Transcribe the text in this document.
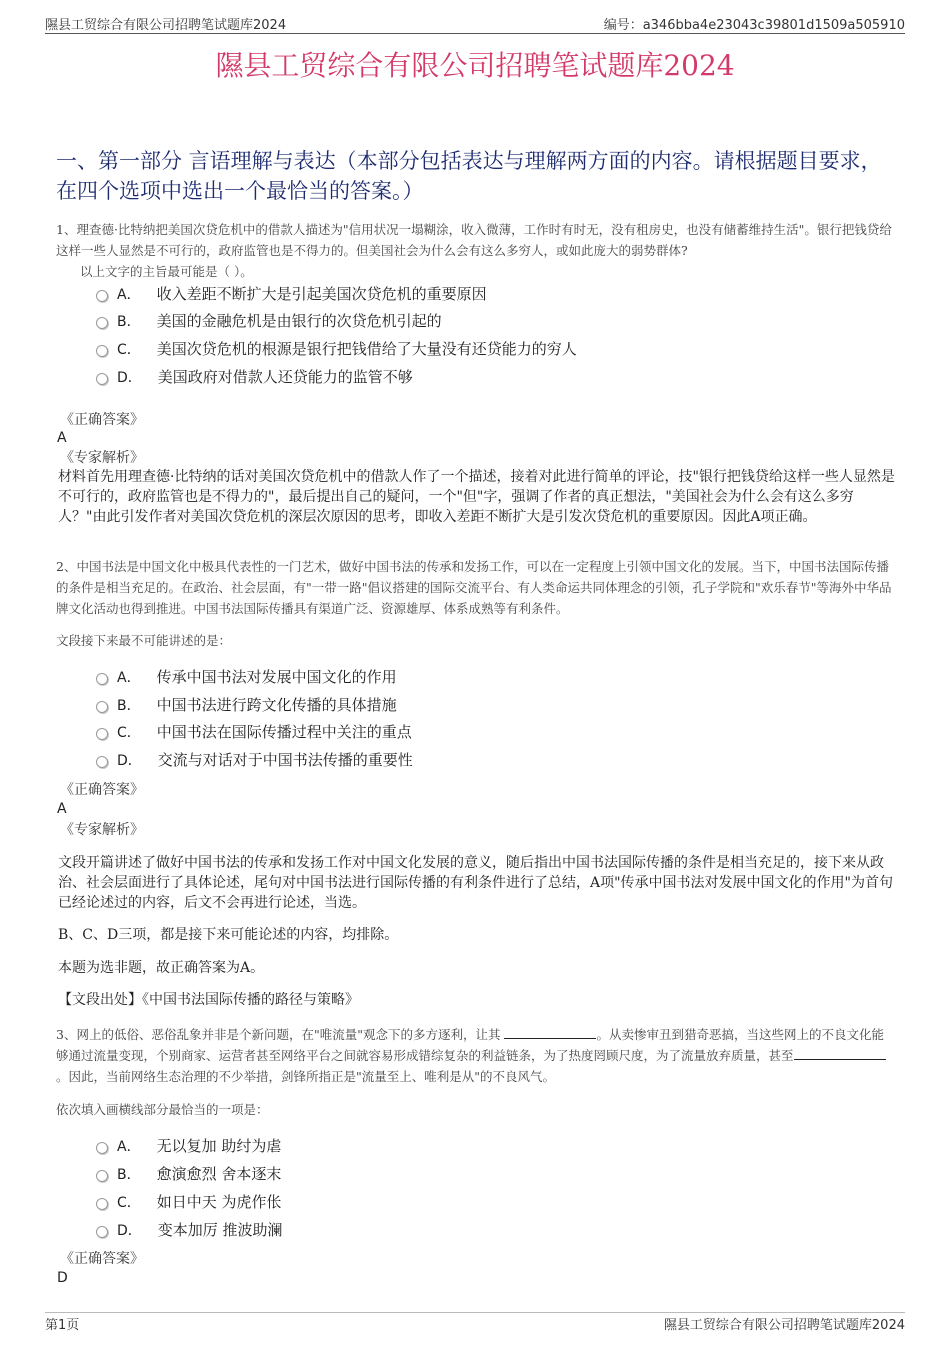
隰县工贸综合有限公司招聘笔试题库2024	编号：a346bba4e23043c39801d1509a505910
隰县工贸综合有限公司招聘笔试题库2024
一、第一部分 言语理解与表达（本部分包括表达与理解两方面的内容。请根据题目要求，在四个选项中选出一个最恰当的答案。）
1、理查德·比特纳把美国次贷危机中的借款人描述为"信用状况一塌糊涂，收入微薄，工作时有时无，没有租房史，也没有储蓄维持生活"。银行把钱贷给这样一些人显然是不可行的，政府监管也是不得力的。但美国社会为什么会有这么多穷人，或如此庞大的弱势群体?
以上文字的主旨最可能是（ ）。
A． 收入差距不断扩大是引起美国次贷危机的重要原因
B． 美国的金融危机是由银行的次贷危机引起的
C． 美国次贷危机的根源是银行把钱借给了大量没有还贷能力的穷人
D． 美国政府对借款人还贷能力的监管不够
《正确答案》
A
《专家解析》
材料首先用理查德·比特纳的话对美国次贷危机中的借款人作了一个描述，接着对此进行简单的评论，技"银行把钱贷给这样一些人显然是不可行的，政府监管也是不得力的"，最后提出自己的疑问，一个"但"字，强调了作者的真正想法，"美国社会为什么会有这么多穷人？"由此引发作者对美国次贷危机的深层次原因的思考，即收入差距不断扩大是引发次贷危机的重要原因。因此A项正确。
2、中国书法是中国文化中极具代表性的一门艺术，做好中国书法的传承和发扬工作，可以在一定程度上引领中国文化的发展。当下，中国书法国际传播的条件是相当充足的。在政治、社会层面，有"一带一路"倡议搭建的国际交流平台、有人类命运共同体理念的引领，孔子学院和"欢乐春节"等海外中华品牌文化活动也得到推进。中国书法国际传播具有渠道广泛、资源雄厚、体系成熟等有利条件。
文段接下来最不可能讲述的是：
A． 传承中国书法对发展中国文化的作用
B． 中国书法进行跨文化传播的具体措施
C． 中国书法在国际传播过程中关注的重点
D． 交流与对话对于中国书法传播的重要性
《正确答案》
A
《专家解析》
文段开篇讲述了做好中国书法的传承和发扬工作对中国文化发展的意义，随后指出中国书法国际传播的条件是相当充足的，接下来从政治、社会层面进行了具体论述，尾句对中国书法进行国际传播的有利条件进行了总结，A项"传承中国书法对发展中国文化的作用"为首句已经论述过的内容，后文不会再进行论述，当选。
B、C、D三项，都是接下来可能论述的内容，均排除。
本题为选非题，故正确答案为A。
【文段出处】《中国书法国际传播的路径与策略》
3、网上的低俗、恶俗乱象并非是个新问题，在"唯流量"观念下的多方逐利，让其	。从卖惨审丑到猎奇恶搞，当这些网上的不良文化能够通过流量变现，个别商家、运营者甚至网络平台之间就容易形成错综复杂的利益链条，为了热度罔顾尺度，为了流量放弃质量，甚至。因此，当前网络生态治理的不少举措，剑锋所指正是"流量至上、唯利是从"的不良风气。
依次填入画横线部分最恰当的一项是：
A． 无以复加 助纣为虐
B． 愈演愈烈 舍本逐末
C． 如日中天 为虎作伥
D． 变本加厉 推波助澜
《正确答案》
D
第1页	隰县工贸综合有限公司招聘笔试题库2024
